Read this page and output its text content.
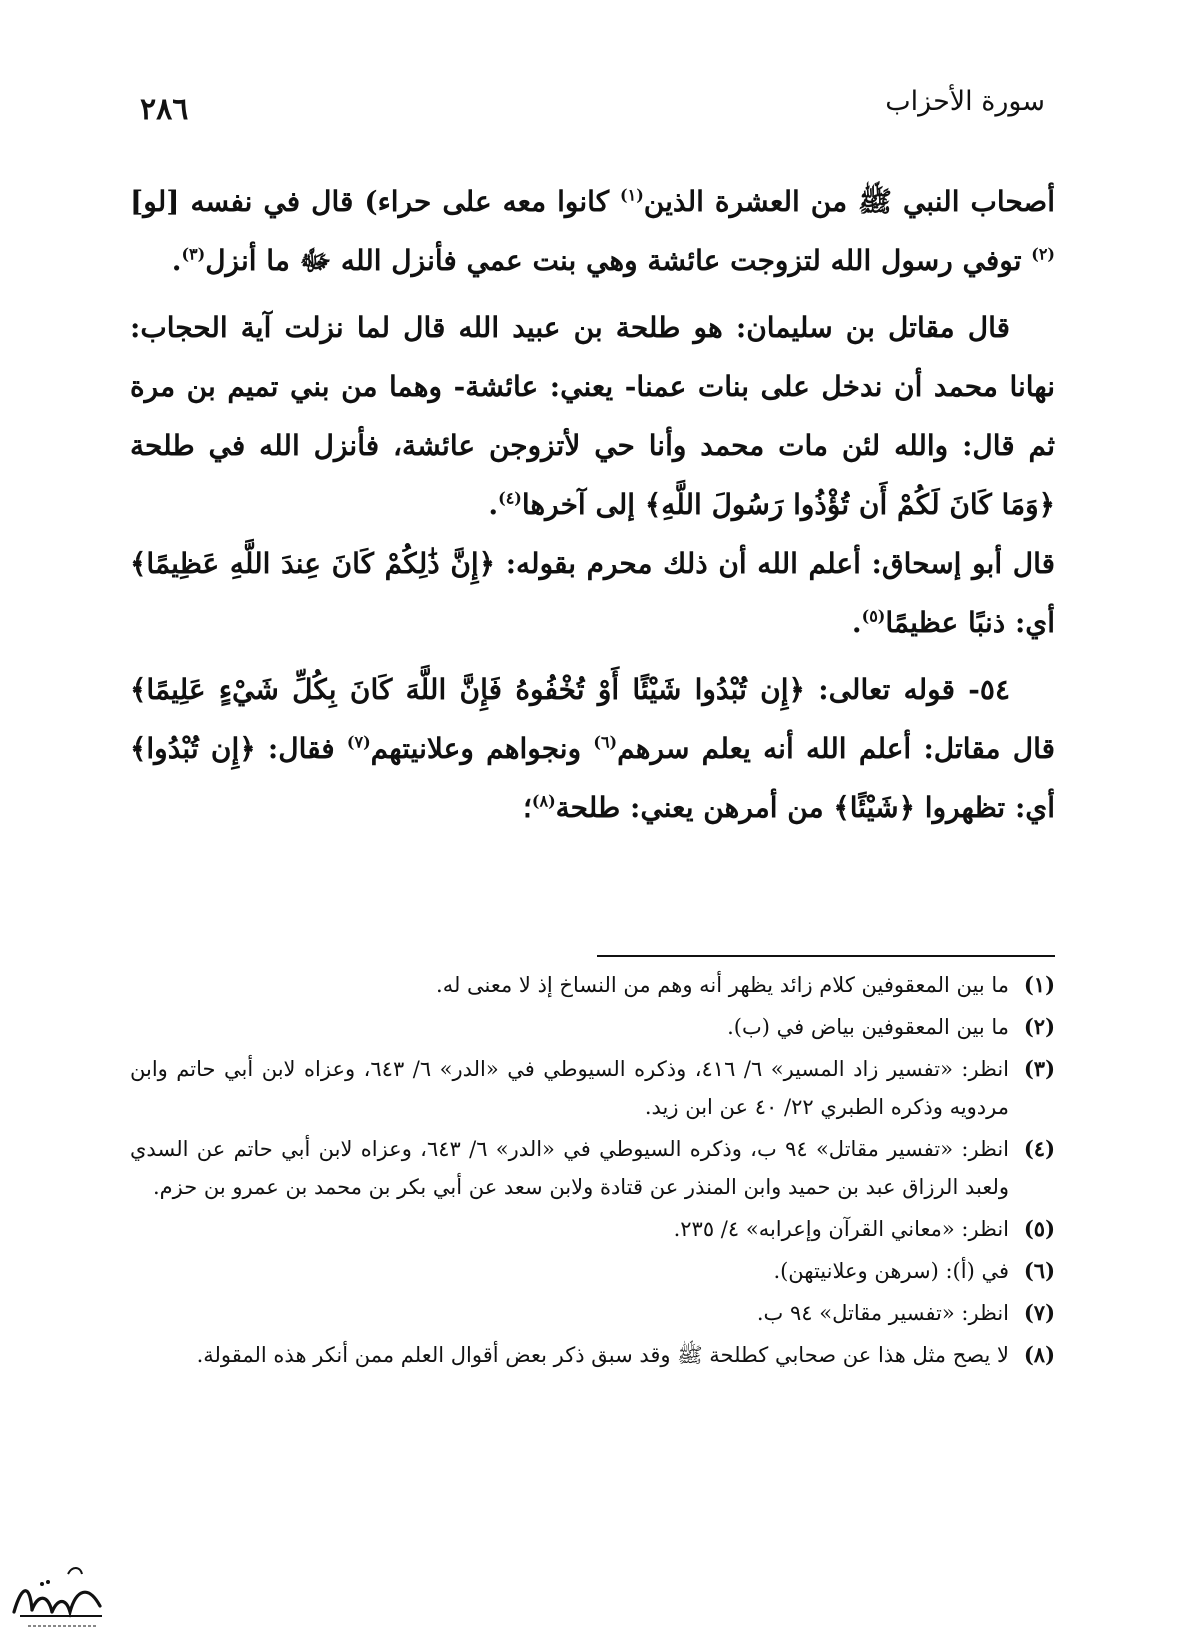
سورة الأحزاب
٢٨٦

أصحاب النبي ﷺ من العشرة الذين$^{(١)}$ كانوا معه على حراء) قال في نفسه [لو]$^{(٢)}$ توفي رسول الله لتزوجت عائشة وهي بنت عمي فأنزل الله ﷻ ما أنزل$^{(٣)}$.

قال مقاتل بن سليمان: هو طلحة بن عبيد الله قال لما نزلت آية الحجاب: نهانا محمد أن ندخل على بنات عمنا- يعني: عائشة- وهما من بني تميم بن مرة ثم قال: والله لئن مات محمد وأنا حي لأتزوجن عائشة، فأنزل الله في طلحة ﴿وَمَا كَانَ لَكُمْ أَن تُؤْذُوا رَسُولَ اللَّهِ﴾ إلى آخرها$^{(٤)}$.

قال أبو إسحاق: أعلم الله أن ذلك محرم بقوله: ﴿إِنَّ ذَٰلِكُمْ كَانَ عِندَ اللَّهِ عَظِيمًا﴾ أي: ذنبًا عظيمًا$^{(٥)}$.

٥٤- قوله تعالى: ﴿إِن تُبْدُوا شَيْئًا أَوْ تُخْفُوهُ فَإِنَّ اللَّهَ كَانَ بِكُلِّ شَيْءٍ عَلِيمًا﴾ قال مقاتل: أعلم الله أنه يعلم سرهم$^{(٦)}$ ونجواهم وعلانيتهم$^{(٧)}$ فقال: ﴿إِن تُبْدُوا﴾ أي: تظهروا ﴿شَيْئًا﴾ من أمرهن يعني: طلحة$^{(٨)}$؛

(١)
ما بين المعقوفين كلام زائد يظهر أنه وهم من النساخ إذ لا معنى له.
(٢)
ما بين المعقوفين بياض في (ب).
(٣)
انظر: «تفسير زاد المسير» ٦/ ٤١٦، وذكره السيوطي في «الدر» ٦/ ٦٤٣، وعزاه لابن أبي حاتم وابن مردويه وذكره الطبري ٢٢/ ٤٠ عن ابن زيد.
(٤)
انظر: «تفسير مقاتل» ٩٤ ب، وذكره السيوطي في «الدر» ٦/ ٦٤٣، وعزاه لابن أبي حاتم عن السدي ولعبد الرزاق عبد بن حميد وابن المنذر عن قتادة ولابن سعد عن أبي بكر بن محمد بن عمرو بن حزم.
(٥)
انظر: «معاني القرآن وإعرابه» ٤/ ٢٣٥.
(٦)
في (أ): (سرهن وعلانيتهن).
(٧)
انظر: «تفسير مقاتل» ٩٤ ب.
(٨)
لا يصح مثل هذا عن صحابي كطلحة ﷺ وقد سبق ذكر بعض أقوال العلم ممن أنكر هذه المقولة.
